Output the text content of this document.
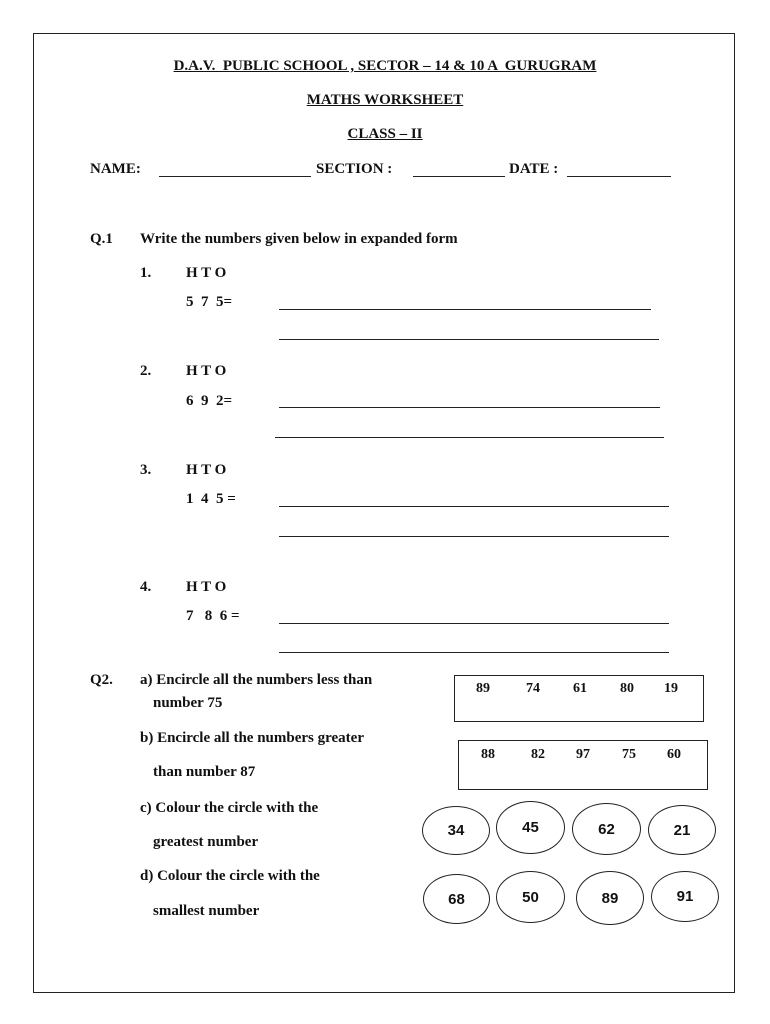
D.A.V.  PUBLIC SCHOOL , SECTOR – 14 & 10 A  GURUGRAM
MATHS WORKSHEET
CLASS – II
NAME:	SECTION :	DATE :
Q.1 Write the numbers given below in expanded form
1. H T O
5  7  5=
2. H T O
6  9  2=
3. H T O
1  4  5 =
4. H T O
7   8  6 =
Q2. a) Encircle all the numbers less than
number 75
89	74 61 80 19
b) Encircle all the numbers greater
than number 87
88	82 97 75 60
c) Colour the circle with the
greatest number
34	45	62	21
d) Colour the circle with the
smallest number
68	50	89	91
